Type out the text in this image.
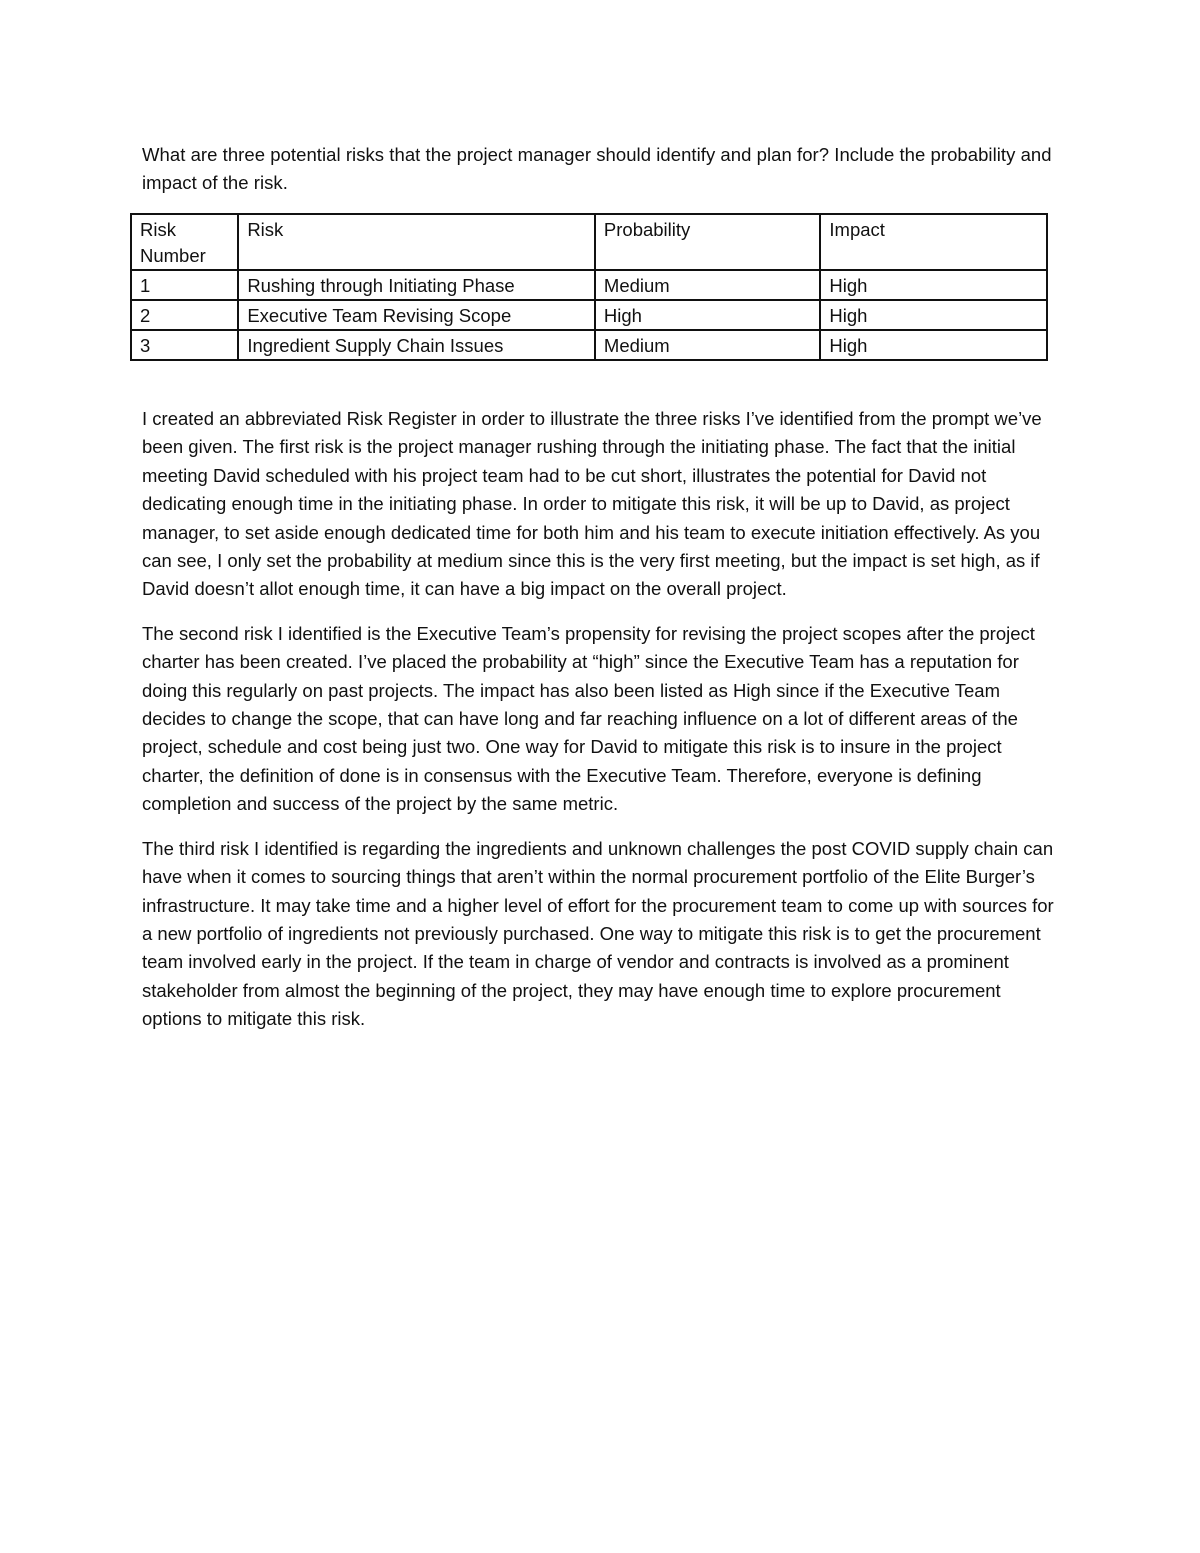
What are three potential risks that the project manager should identify and plan for? Include the probability and impact of the risk.

Risk Number	Risk	Probability	Impact
1	Rushing through Initiating Phase	Medium	High
2	Executive Team Revising Scope	High	High
3	Ingredient Supply Chain Issues	Medium	High

I created an abbreviated Risk Register in order to illustrate the three risks I’ve identified from the prompt we’ve been given. The first risk is the project manager rushing through the initiating phase. The fact that the initial meeting David scheduled with his project team had to be cut short, illustrates the potential for David not dedicating enough time in the initiating phase. In order to mitigate this risk, it will be up to David, as project manager, to set aside enough dedicated time for both him and his team to execute initiation effectively. As you can see, I only set the probability at medium since this is the very first meeting, but the impact is set high, as if David doesn’t allot enough time, it can have a big impact on the overall project.

The second risk I identified is the Executive Team’s propensity for revising the project scopes after the project charter has been created. I’ve placed the probability at “high” since the Executive Team has a reputation for doing this regularly on past projects. The impact has also been listed as High since if the Executive Team decides to change the scope, that can have long and far reaching influence on a lot of different areas of the project, schedule and cost being just two. One way for David to mitigate this risk is to insure in the project charter, the definition of done is in consensus with the Executive Team. Therefore, everyone is defining completion and success of the project by the same metric.

The third risk I identified is regarding the ingredients and unknown challenges the post COVID supply chain can have when it comes to sourcing things that aren’t within the normal procurement portfolio of the Elite Burger’s infrastructure. It may take time and a higher level of effort for the procurement team to come up with sources for a new portfolio of ingredients not previously purchased. One way to mitigate this risk is to get the procurement team involved early in the project. If the team in charge of vendor and contracts is involved as a prominent stakeholder from almost the beginning of the project, they may have enough time to explore procurement options to mitigate this risk.
